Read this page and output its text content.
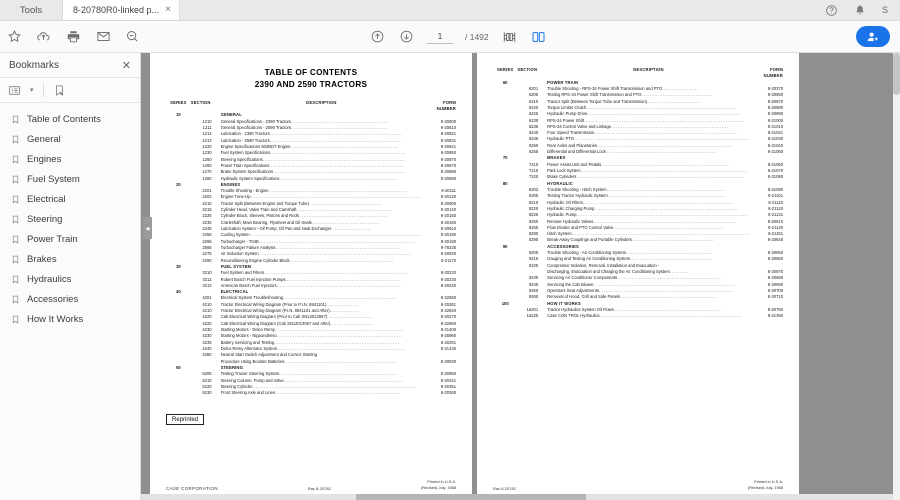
Tools	8-20780R0-linked p... ×	S
1
/ 1492
Bookmarks	✕
▾
Table of Contents
General
Engines
Fuel System
Electrical
Steering
Power Train
Brakes
Hydraulics
Accessories
How It Works
◂
TABLE OF CONTENTS
2390 AND 2590 TRACTORS
SERIES	SECTION	DESCRIPTION	FORM
			NUMBER
10		GENERAL	
	1210	General Specifications - 2390 Tractors...........................................................	8-20800
	1211	General Specifications - 2590 Tractors...........................................................	8-20810
	1212	Lubrication - 2390 Tractors................................................................................	8-20821
	1213	Lubrication - 2590 Tractors................................................................................	8-20831
	1220	Engine Specifications 504BDT Engine.................................................................	8-20841
	1230	Fuel System Specifications..................................................................................	8-20850
	1250	Steering Specifications.......................................................................................	8-20870
	1260	Power Train Specifications..................................................................................	8-20870
	1270	Brake System Specifications................................................................................	8-20880
	1280	Hydraulic System Specifications........................................................................	8-20890
20		ENGINES	
	2201	Trouble Shooting - Engine....................................................................................	8-20111
	2202	Engine Tune-Up........................................................................................................	8-20120
	2210	Tractor Split (Between Engine and Torque Tube)............................................	8-20900
	2215	Cylinder Head, Valve Train and Camshaft..........................................................	8-20140
	2225	Cylinder Block, Sleeves, Pistons and Rods......................................................	8-20150
	2235	Crankshaft, Main Bearing, Flywheel and Oil Seals.........................................	8-20160
	2245	Lubrication System - Oil Pump, Oil Pan and Heat Exchanger........................	8-20910
	2255	Cooling System........................................................................................................	8-20180
	2265	Turbocharger - T04B...............................................................................................	8-20190
	2565	Turbocharger Failure Analysis............................................................................	9-78235
	2275	Air Induction System.............................................................................................	8-20920
	2290	Reconditioning Engine Cylinder Block...............................................................	8-21170
30		FUEL SYSTEM	
	3210	Fuel System and Filters.......................................................................................	8-20220
	3212	Robert Bosch Fuel Injection Pumps.....................................................................	8-20230
	3213	American Bosch Fuel Injectors............................................................................	8-20240
40		ELECTRICAL	
	4201	Electrical System Troubleshooting.....................................................................	8-22580
	4210	Tractor Electrical Wiring Diagram (Prior to P.I.N. 8841101)....................	8-20261
	4210	Tractor Electrical Wiring Diagram (P.I.N. 8841101 and After)..................	8-22840
	4220	Cab Electrical Wiring Diagram (Prior to Cab SN12013067)............................	8-20270
	4220	Cab Electrical Wiring Diagram (Cab SN12013067 and After)..........................	8-22850
	4230	Starting Motors - Delco Remy..............................................................................	8-21400
	4230	Starting Motors - Nippondenso............................................................................	8-25980
	4235	Battery Servicing and Testing............................................................................	8-20291
	4240	Delco-Remy Alternator System..............................................................................	8-21430
	4280	Neutral Start Switch Adjustment and Correct Starting	
		Procedure Using Booster Batteries.....................................................................	8-20930
50		STEERING	
	5205	Testing Tractor Steering System........................................................................	8-20950
	5210	Steering Column, Pump and Valve........................................................................	8-20341
	5220	Steering Cylinder...................................................................................................	8-20351
	5230	Front Steering Axle and Lines............................................................................	8-20360
Reprinted
CASE CORPORATION	Rac 8-20782
Printed in U.S.A.
(Revised) July, 1988
SERIES	SECTION	DESCRIPTION	FORM
			NUMBER
60		POWER TRAIN	
	6201	Trouble Shooting - RPS-34 Power Shift Transmission and PTO......................	8-20370
	6205	Testing RPS-34 Power Shift Transmission and PTO...........................................	8-20960
	6210	Tractor Split (Between Torque Tube and Transmission).................................	8-20970
	6220	Torque Limiter Clutch...........................................................................................	8-20980
	6225	Hydraulic Pump Drive.............................................................................................	8-20990
	6230	RPS-34 Power Shift.................................................................................................	8-21000
	6235	RPS-34 Control Valve and Linkage.......................................................................	8-21010
	6240	Four Speed Transmission.......................................................................................	8-21021
	6245	Hydraulic PTO..........................................................................................................	8-21030
	6250	Rear Axles and Planetaries..................................................................................	8-21040
	6255	Differential and Differential Lock...................................................................	8-21050
70		BRAKES	
	7210	Power Assist Unit and Pedals..............................................................................	8-21060
	7215	Park Lock System.....................................................................................................	8-21070
	7220	Brake Cylinders......................................................................................................	8-21080
80		HYDRAULIC	
	8202	Trouble Shooting - Hitch System........................................................................	8-21090
	8205	Testing Tractor Hydraulic System.......................................................................	8-21101
	8210	Hydraulic Oil Filters...........................................................................................	8-21110
	8220	Hydraulic Charging Pump.......................................................................................	8-21120
	8225	Hydraulic Pump........................................................................................................	8-21131
	8250	Remote Hydraulic Valves.......................................................................................	8-20610
	8255	Flow Divider and PTO Control Valve...................................................................	8-21140
	8280	Hitch System............................................................................................................	8-21151
	8290	Break-Away Couplings and Portable Cylinders..................................................	8-20640
90		ACCESSORIES	
	9205	Trouble Shooting - Air Conditioning System....................................................	8-20650
	9215	Gauging and Testing Air Conditioning System..................................................	8-20660
	9225	Compressor Isolation, Removal, Installation and Evacuation -	
		Discharging, Evacuation and Charging the Air Conditioning System...........	8-20670
	9235	Servicing Air Conditioner Components...............................................................	8-20680
	9245	Servicing the Cab Blower......................................................................................	8-20690
	9250	Operators Seat Adjustments..................................................................................	8-20700
	9260	Removal of Hood, Grill and Side Panels...........................................................	8-20710
100		HOW IT WORKS	
	16201	Tractor Hydraulics System Oil Flows.................................................................	8-20750
	16225	Case CON TROL Hydraulics......................................................................................	8-21350
Rac 8-20782
Printed in U.S.A.
(Revised) July, 1988
